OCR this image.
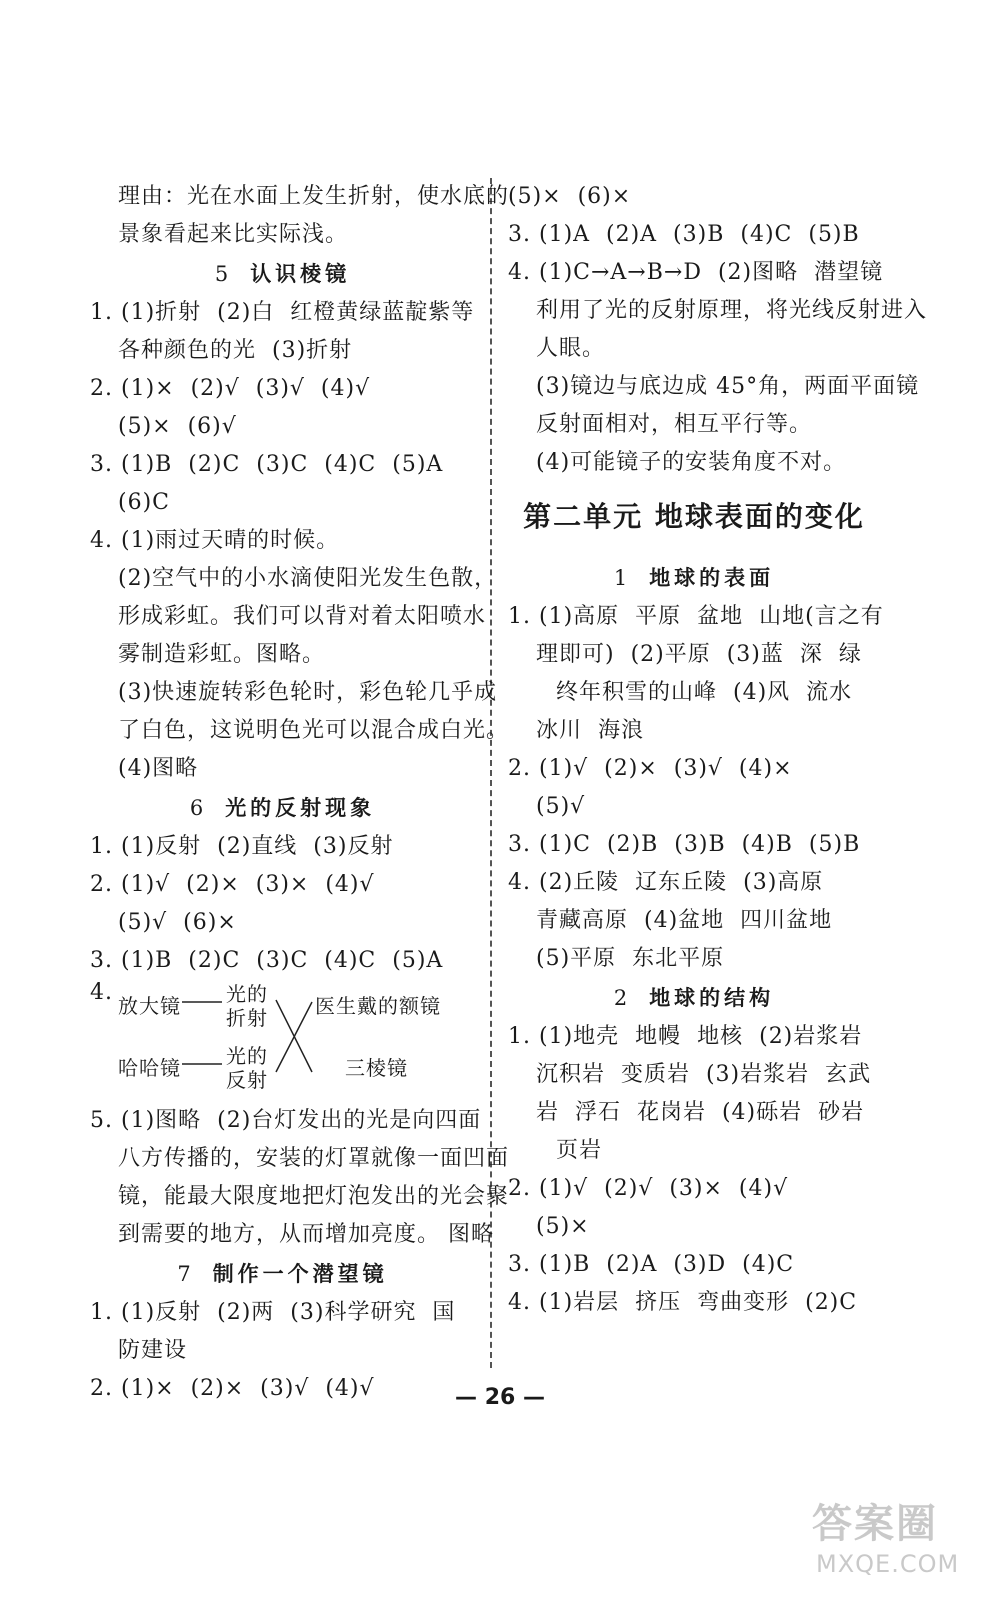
理由：光在水面上发生折射，使水底的
景象看起来比实际浅。
5 认识棱镜
1. (1)折射  (2)白  红橙黄绿蓝靛紫等
各种颜色的光  (3)折射
2. (1)×  (2)√  (3)√  (4)√
(5)×  (6)√
3. (1)B  (2)C  (3)C  (4)C  (5)A
(6)C
4. (1)雨过天晴的时候。
(2)空气中的小水滴使阳光发生色散，
形成彩虹。我们可以背对着太阳喷水
雾制造彩虹。图略。
(3)快速旋转彩色轮时，彩色轮几乎成
了白色，这说明色光可以混合成白光。
(4)图略
6 光的反射现象
1. (1)反射  (2)直线  (3)反射
2. (1)√  (2)×  (3)×  (4)√
(5)√  (6)×
3. (1)B  (2)C  (3)C  (4)C  (5)A
4.
放大镜 光的
折射 医生戴的额镜
哈哈镜 光的
反射	三棱镜
5. (1)图略  (2)台灯发出的光是向四面
八方传播的，安装的灯罩就像一面凹面
镜，能最大限度地把灯泡发出的光会聚
到需要的地方，从而增加亮度。 图略
7 制作一个潜望镜
1. (1)反射  (2)两  (3)科学研究  国
防建设
2. (1)×  (2)×  (3)√  (4)√
(5)×  (6)×
3. (1)A  (2)A  (3)B  (4)C  (5)B
4. (1)C→A→B→D  (2)图略  潜望镜
利用了光的反射原理，将光线反射进入
人眼。
(3)镜边与底边成 45°角，两面平面镜
反射面相对，相互平行等。
(4)可能镜子的安装角度不对。
第二单元 地球表面的变化
1 地球的表面
1. (1)高原  平原  盆地  山地(言之有
理即可)  (2)平原  (3)蓝  深  绿
终年积雪的山峰  (4)风  流水
冰川  海浪
2. (1)√  (2)×  (3)√  (4)×
(5)√
3. (1)C  (2)B  (3)B  (4)B  (5)B
4. (2)丘陵  辽东丘陵  (3)高原
青藏高原  (4)盆地  四川盆地
(5)平原  东北平原
2 地球的结构
1. (1)地壳  地幔  地核  (2)岩浆岩
沉积岩  变质岩  (3)岩浆岩  玄武
岩  浮石  花岗岩  (4)砾岩  砂岩
页岩
2. (1)√  (2)√  (3)×  (4)√
(5)×
3. (1)B  (2)A  (3)D  (4)C
4. (1)岩层  挤压  弯曲变形  (2)C
— 26 —
答案圈
MXQE.COM
